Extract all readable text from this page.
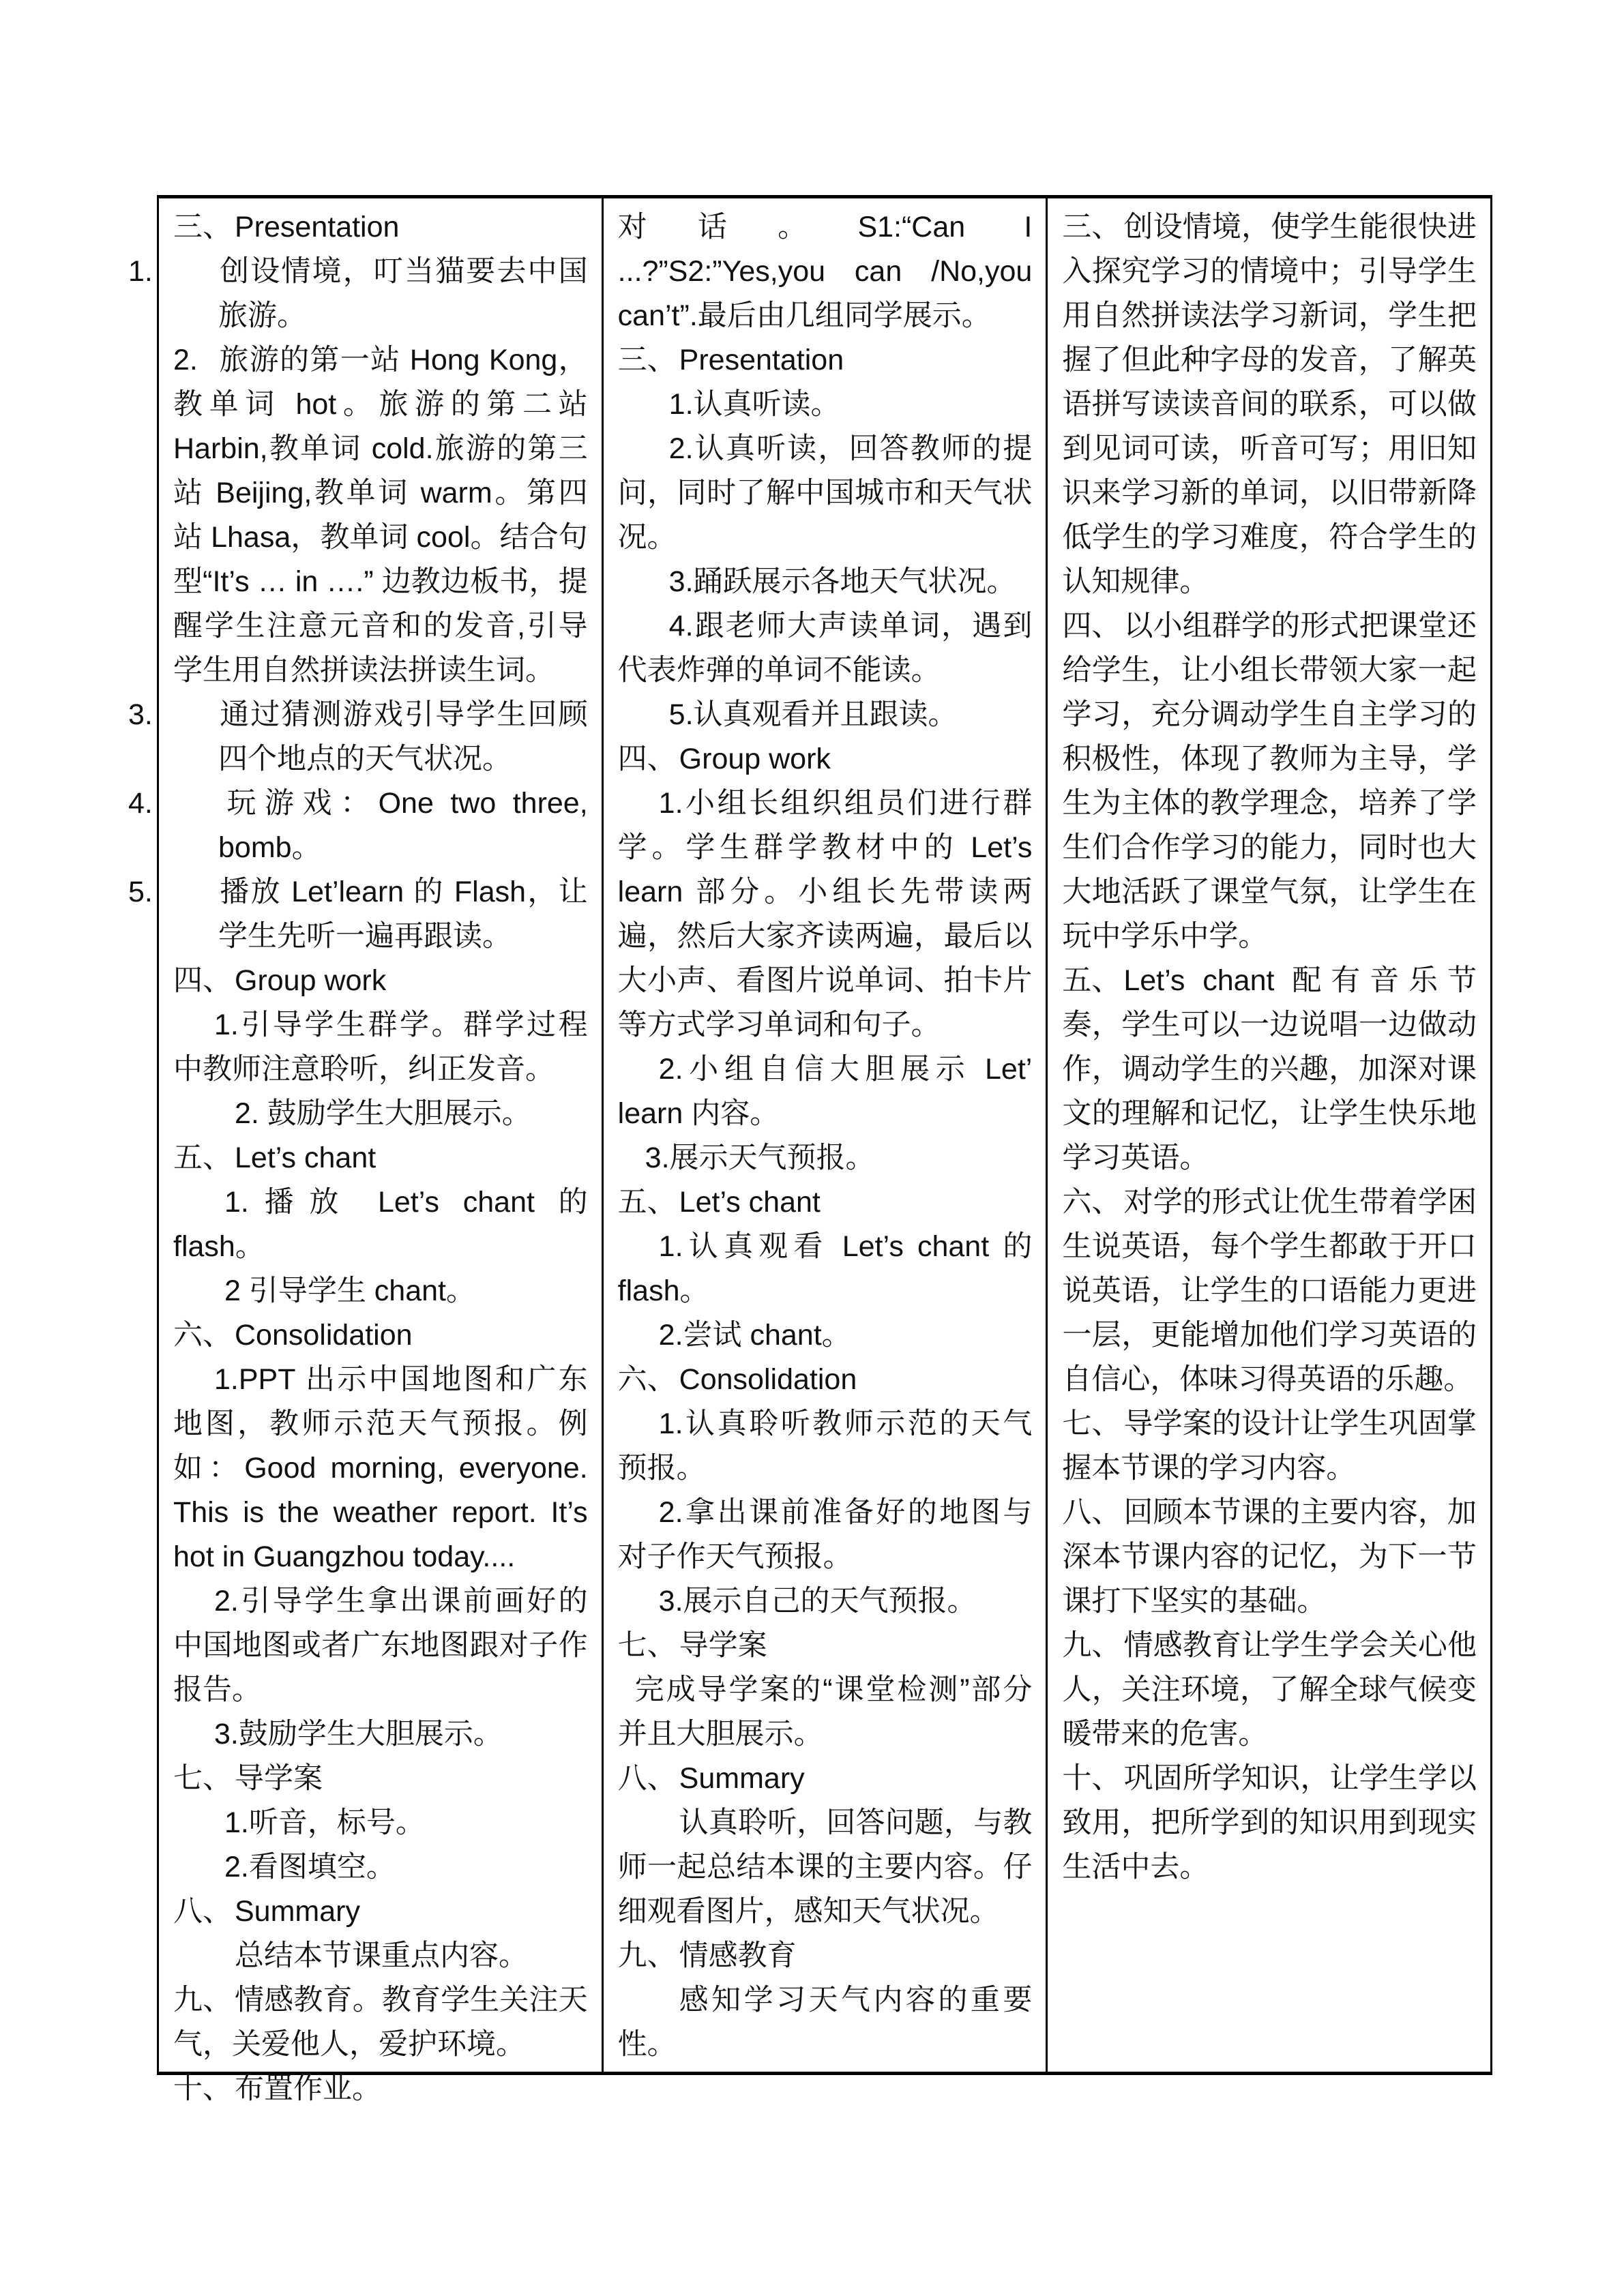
三、Presentation

1. 创设情境，叮当猫要去中国旅游。

2. 旅游的第一站 Hong Kong，教单词 hot。旅游的第二站 Harbin,教单词 cold.旅游的第三站 Beijing,教单词 warm。第四站 Lhasa，教单词 cool。结合句型“It’s … in ….” 边教边板书，提醒学生注意元音和的发音,引导学生用自然拼读法拼读生词。

3. 通过猜测游戏引导学生回顾四个地点的天气状况。

4. 玩游戏：One two three, bomb。

5. 播放 Let’learn 的 Flash，让学生先听一遍再跟读。

四、Group work

1.引导学生群学。群学过程中教师注意聆听，纠正发音。

2. 鼓励学生大胆展示。

五、Let’s chant

1.播放 Let’s chant 的 flash。

2 引导学生 chant。

六、Consolidation

1.PPT 出示中国地图和广东地图，教师示范天气预报。例如：Good morning, everyone. This is the weather report. It’s hot in Guangzhou today....

2.引导学生拿出课前画好的中国地图或者广东地图跟对子作报告。

3.鼓励学生大胆展示。

七、导学案

1.听音，标号。

2.看图填空。

八、Summary

总结本节课重点内容。

九、情感教育。教育学生关注天气，关爱他人，爱护环境。

十、布置作业。

对话。S1:“Can I ...?”S2:”Yes,you can /No,you can’t”.最后由几组同学展示。

三、Presentation

1.认真听读。

2.认真听读，回答教师的提问，同时了解中国城市和天气状况。

3.踊跃展示各地天气状况。

4.跟老师大声读单词，遇到代表炸弹的单词不能读。

5.认真观看并且跟读。

四、Group work

1.小组长组织组员们进行群学。学生群学教材中的 Let’s learn 部分。小组长先带读两遍，然后大家齐读两遍，最后以大小声、看图片说单词、拍卡片等方式学习单词和句子。

2.小组自信大胆展示 Let’ learn 内容。

3.展示天气预报。

五、Let’s chant

1.认真观看 Let’s chant 的 flash。

2.尝试 chant。

六、Consolidation

1.认真聆听教师示范的天气预报。

2.拿出课前准备好的地图与对子作天气预报。

3.展示自己的天气预报。

七、导学案

完成导学案的“课堂检测”部分并且大胆展示。

八、Summary

认真聆听，回答问题，与教师一起总结本课的主要内容。仔细观看图片，感知天气状况。

九、情感教育

感知学习天气内容的重要性。

三、创设情境，使学生能很快进入探究学习的情境中；引导学生用自然拼读法学习新词，学生把握了但此种字母的发音，了解英语拼写读读音间的联系，可以做到见词可读，听音可写；用旧知识来学习新的单词，以旧带新降低学生的学习难度，符合学生的认知规律。

四、以小组群学的形式把课堂还给学生，让小组长带领大家一起学习，充分调动学生自主学习的积极性，体现了教师为主导，学生为主体的教学理念，培养了学生们合作学习的能力，同时也大大地活跃了课堂气氛，让学生在玩中学乐中学。

五、Let’s chant 配有音乐节奏，学生可以一边说唱一边做动作，调动学生的兴趣，加深对课文的理解和记忆，让学生快乐地学习英语。

六、对学的形式让优生带着学困生说英语，每个学生都敢于开口说英语，让学生的口语能力更进一层，更能增加他们学习英语的自信心，体味习得英语的乐趣。

七、导学案的设计让学生巩固掌握本节课的学习内容。

八、回顾本节课的主要内容，加深本节课内容的记忆，为下一节课打下坚实的基础。

九、情感教育让学生学会关心他人，关注环境，了解全球气候变暖带来的危害。

十、巩固所学知识，让学生学以致用，把所学到的知识用到现实生活中去。
